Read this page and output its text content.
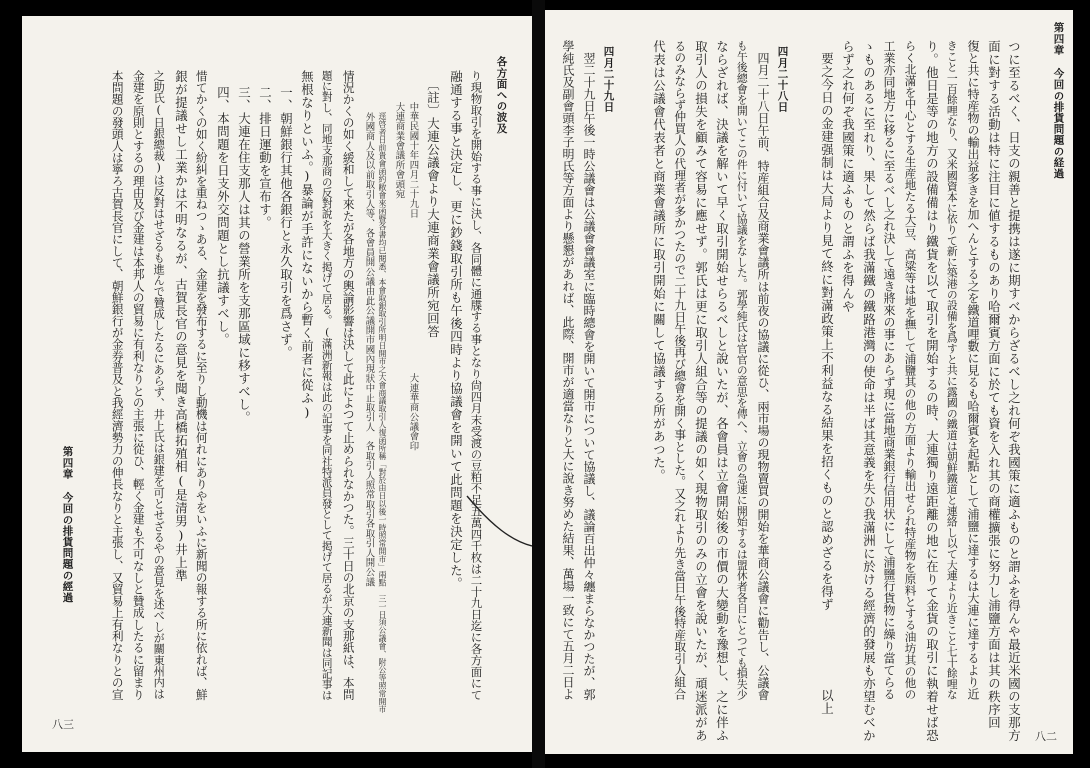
第四章 今回の排貨問題の経過
八二
四月二十八日
四月二十九日	つに至るべく、日支の親善と提携は遂に期すべからざるべし之れ何ぞ我國策に適ふものと謂ふを得んや最近米國の支那方
面に對する活動は特に注目に値するものあり哈爾賓方面に於ても資を入れ其の商權擴張に努力し浦鹽方面は其の秩序回
復と共に特産物の輸出益多きを加へんとする之を鐵道哩數に見るも哈爾賓を起點として浦鹽に達するは大連に達するより近
きこと一百餘哩なり、又米國資本に依りて新に築港の設備を爲すと共に露國の鐵道は朝鮮鐵道と連絡し以て大連より近きこと七十餘哩な
り。他日是等の地方の設備備はり鐵貨を以て取引を開始するの時、大連獨り遠距離の地に在りて金貨の取引に執着せば恐
らく北滿を中心とする生産地たる大豆、高粱等は地を撫して浦鹽其の他の方面より輸出せられ特産物を原料とする油坊其の他の
工業亦同地方に移るに至るべし之れ決して遠き將來の事にあらず現に當地商業銀行信用状にして浦鹽行貨物に繰り當てらる
ゝものあるに至れり、果して然らば我滿鐵の鐵路港灣の使命は半ば其意義を失ひ我滿洲に於ける經濟的發展も亦望むべか
らず之れ何ぞ我國策に適ふものと謂ふを得んや
要之今日の金建强制は大局より見て終に對滿政策上不利益なる結果を招くものと認めざるを得ず　　　　　　以上
四月二十八日午前、特産組合及商業會議所は前夜の協議に從ひ、兩市場の現物賣買の開始を華商公議會に勸告し、公議會
も午後總會を開いてこの件に付いて協議をなした。郭學純氏は官官の意思を傳へ、立會の急速に開始するは盟休者各自にとつても損失少
ならざれば、決議を解いて早く取引開始せらるべしと說いたが、各會員は立會開始後の市價の大變動を豫想し、之に伴ふ
取引人の損失を顧みて容易に應せず。郭氏は更に取引人組合等の提議の如く現物取引のみの立會を說いたが、頑迷派があ
るのみならず仲買人の代理者が多かつたので二十九日午後再び總會を開く事とした。又之れより先き當日午後特産取引人組合
代表は公議會代表者と商業會議所に取引開始に關して協議する所があつた。
翌二十九日午後一時公議會は公議會會議室に臨時總會を開いて開市について協議し、議論百出仲々纏まらなかつたが、郭
學純氏及副會頭李子明氏等方面より懸懇があれば、此際、開市が適當なりと大に說き努めた結果、萬場一致にて五月二日よ
第四章 今回の排貨問題の經過
八三
各方面への波及
り現物取引を開始する事に決し、各同體に通牒する事となり尙四月末受渡の豆粕不足五萬四千枚は二十九日迄に各方面にて
融通する事と決定し、更に鈔錢取引所も午後四時より協議會を開いて此問題を決定した。
〔註〕大連公議會より大連商業會議所宛回答
中華民國十年四月二十九日　　　　　　　　　　　　　　　　大連華商公議會印
大連商業會議所會頭宛
逕啓者日前貴會函約敝會來函暨各書均已閱悉、本會取銀取引所明日開市之大會商議取引人復函所稱「對於由日以後一時照常開市」兩點　三一日須公議會、附公等照常開市
外國商人及以前取引人等、各會員開公議由此公議開市國內現狀中止取引人　各取引人照常取引各取引人開公議
情況かくの如く緩和して來たが各地方の輿論影響は決して此によつて止められなかつた。三十日の北京の支那紙は、本問
題に對し、同地支那商の反對說を大きく掲げて居る。(滿洲新報は此の記事を同社特派員發として掲げて居るが大連新聞は同記事は
無根なりといふ。)暴論が手許にないから暫く前者に從ふ)
一、朝鮮銀行其他各銀行と永久取引を爲さず。
二、排日運動を宣布す。
三、大連在住支那人は其の營業所を支那區域に移すべし。
四、本問題を日支外交問題とし抗議すべし。
惜てかくの如く紛糾を重ねつゝある、金建を發布するに至りし動機は何れにありやをいふに新聞の報する所に依れば、鮮
銀が提議せし工業かは不明なるが、古賀長官の意見を聞き高橋拓殖相(是清男)井上準
之助氏(日銀總裁)は反對はせざるも進んで贊成したるにあらず、井上氏は銀建を可とせざるやの意見を述べしが關東州内は
金建を原則とするの理由及び金建は本邦人の貿易に有利なりとの主張に從ひ、輕く金建も不可なしと贊成したるに留まり
本問題の發頭人は寧ろ古賀長官にして、朝鮮銀行が金券普及と我經濟勢力の伸長なりと主張し、又貿易上有利なりとの宣
